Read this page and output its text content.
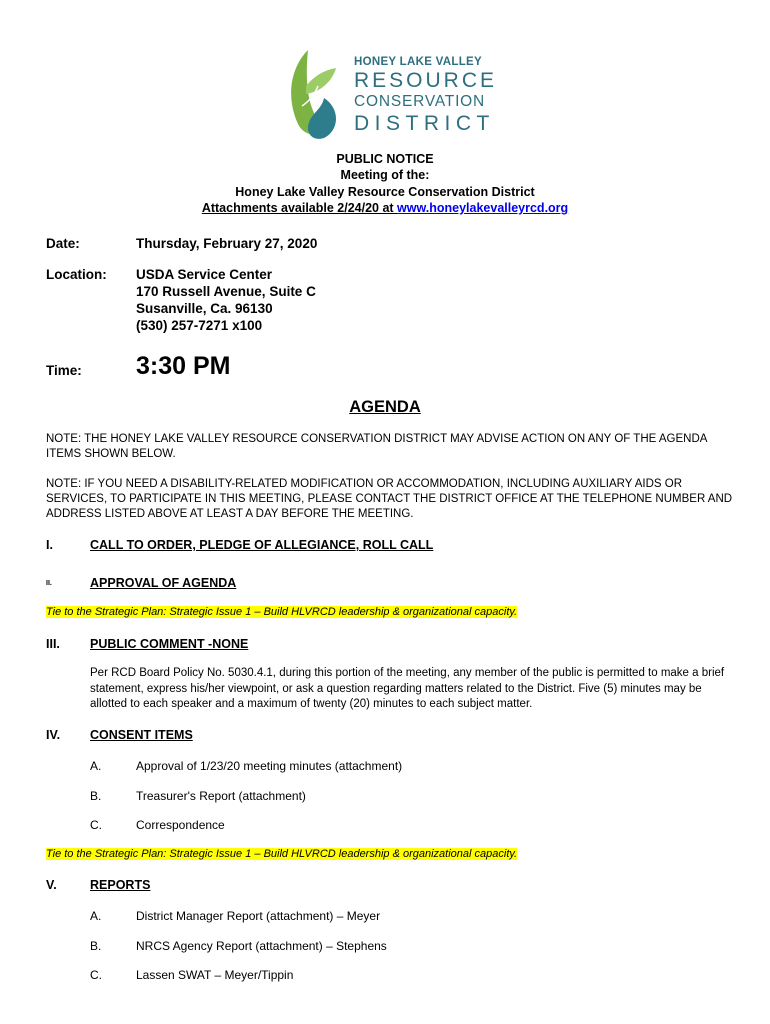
HONEY LAKE VALLEY
RESOURCE
CONSERVATION
DISTRICT
PUBLIC NOTICE
Meeting of the:
Honey Lake Valley Resource Conservation District
Attachments available 2/24/20 at www.honeylakevalleyrcd.org
Date:	Thursday, February 27, 2020
Location: USDA Service Center
170 Russell Avenue, Suite C
Susanville, Ca. 96130
(530) 257-7271 x100
Time: 3:30 PM
AGENDA
NOTE: THE HONEY LAKE VALLEY RESOURCE CONSERVATION DISTRICT MAY ADVISE ACTION ON ANY OF THE AGENDA ITEMS SHOWN BELOW.
NOTE: IF YOU NEED A DISABILITY-RELATED MODIFICATION OR ACCOMMODATION, INCLUDING AUXILIARY AIDS OR SERVICES, TO PARTICIPATE IN THIS MEETING, PLEASE CONTACT THE DISTRICT OFFICE AT THE TELEPHONE NUMBER AND ADDRESS LISTED ABOVE AT LEAST A DAY BEFORE THE MEETING.
I.	CALL TO ORDER, PLEDGE OF ALLEGIANCE, ROLL CALL
II.	APPROVAL OF AGENDA
Tie to the Strategic Plan: Strategic Issue 1 – Build HLVRCD leadership & organizational capacity.
III. PUBLIC COMMENT -NONE
Per RCD Board Policy No. 5030.4.1, during this portion of the meeting, any member of the public is permitted to make a brief statement, express his/her viewpoint, or ask a question regarding matters related to the District. Five (5) minutes may be allotted to each speaker and a maximum of twenty (20) minutes to each subject matter.
IV. CONSENT ITEMS
A.	Approval of 1/23/20 meeting minutes (attachment)
B.	Treasurer's Report (attachment)
C.	Correspondence
Tie to the Strategic Plan: Strategic Issue 1 – Build HLVRCD leadership & organizational capacity.
V.	REPORTS
A.	District Manager Report (attachment) – Meyer
B.	NRCS Agency Report (attachment) – Stephens
C.	Lassen SWAT – Meyer/Tippin
